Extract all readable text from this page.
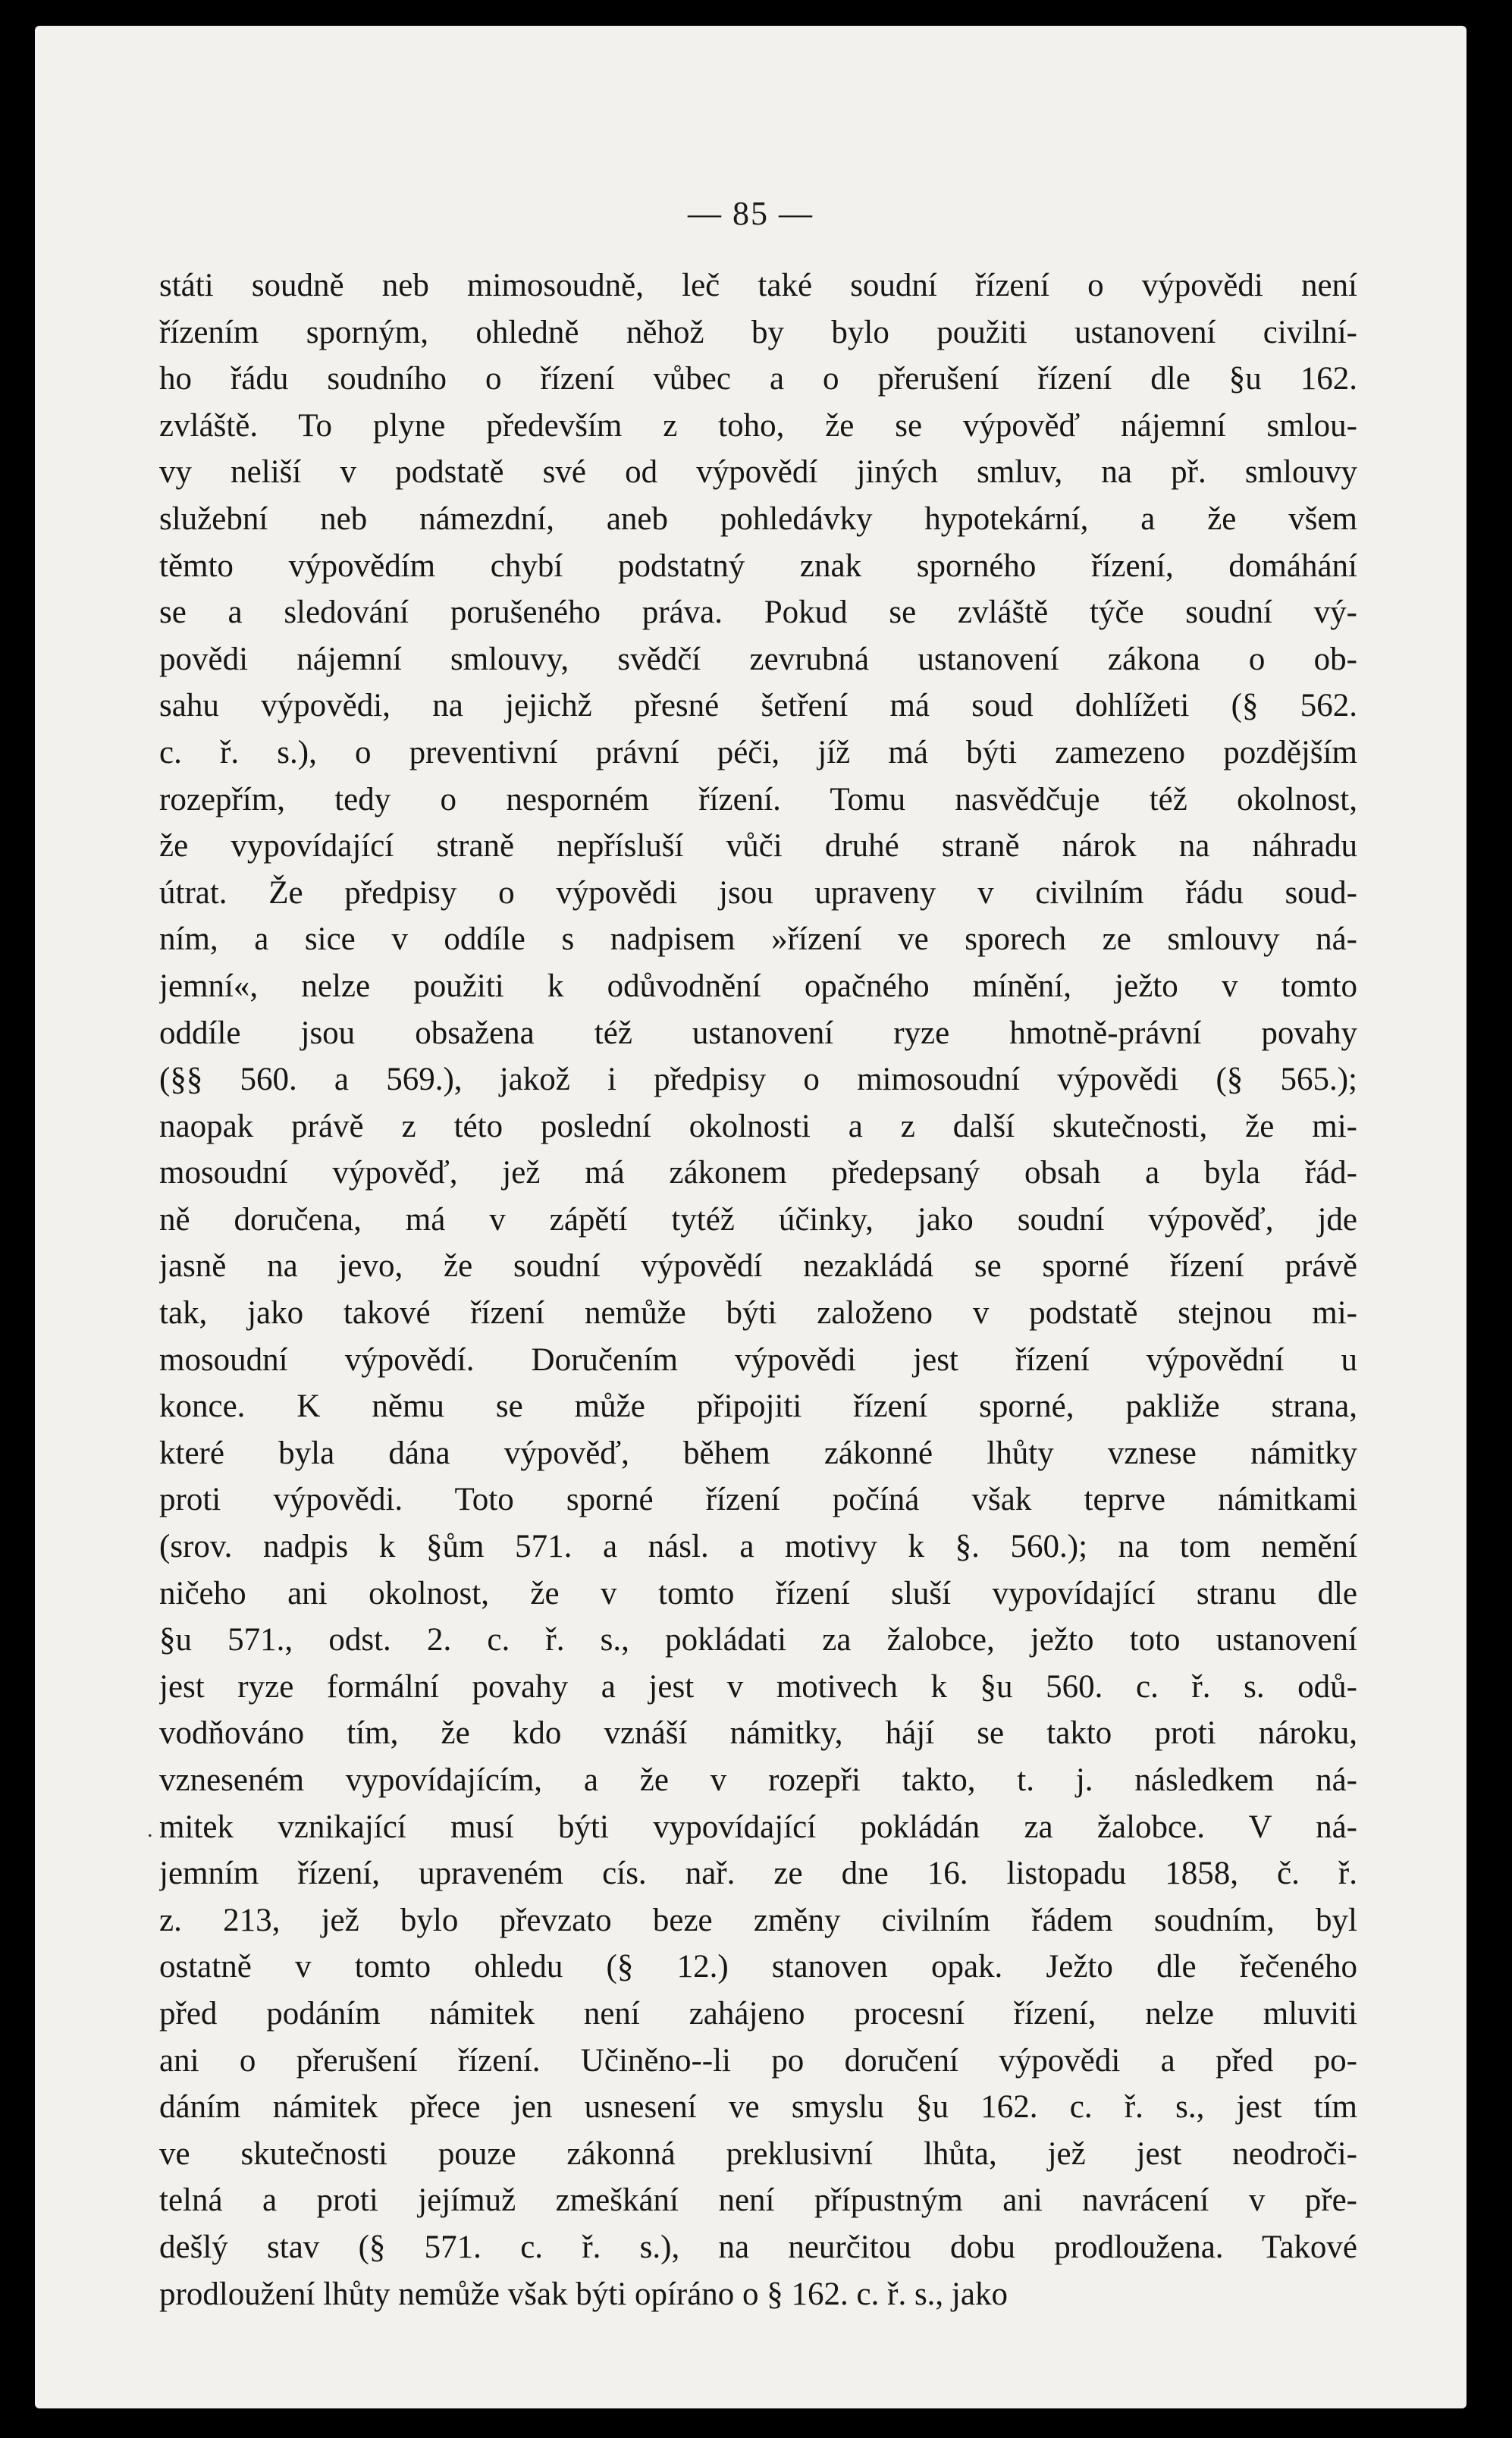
— 85 —
.
státi soudně neb mimosoudně, leč také soudní řízení o výpovědi není
řízením sporným, ohledně něhož by bylo použiti ustanovení civilní-
ho řádu soudního o řízení vůbec a o přerušení řízení dle §u 162.
zvláště. To plyne především z toho, že se výpověď nájemní smlou-
vy neliší v podstatě své od výpovědí jiných smluv, na př. smlouvy
služební neb námezdní, aneb pohledávky hypotekární, a že všem
těmto výpovědím chybí podstatný znak sporného řízení, domáhání
se a sledování porušeného práva. Pokud se zvláště týče soudní vý-
povědi nájemní smlouvy, svědčí zevrubná ustanovení zákona o ob-
sahu výpovědi, na jejichž přesné šetření má soud dohlížeti (§ 562.
c. ř. s.), o preventivní právní péči, jíž má býti zamezeno pozdějším
rozepřím, tedy o nesporném řízení. Tomu nasvědčuje též okolnost,
že vypovídající straně nepřísluší vůči druhé straně nárok na náhradu
útrat. Že předpisy o výpovědi jsou upraveny v civilním řádu soud-
ním, a sice v oddíle s nadpisem »řízení ve sporech ze smlouvy ná-
jemní«, nelze použiti k odůvodnění opačného mínění, ježto v tomto
oddíle jsou obsažena též ustanovení ryze hmotně-právní povahy
(§§ 560. a 569.), jakož i předpisy o mimosoudní výpovědi (§ 565.);
naopak právě z této poslední okolnosti a z další skutečnosti, že mi-
mosoudní výpověď, jež má zákonem předepsaný obsah a byla řád-
ně doručena, má v zápětí tytéž účinky, jako soudní výpověď, jde
jasně na jevo, že soudní výpovědí nezakládá se sporné řízení právě
tak, jako takové řízení nemůže býti založeno v podstatě stejnou mi-
mosoudní výpovědí. Doručením výpovědi jest řízení výpovědní u
konce. K němu se může připojiti řízení sporné, pakliže strana,
které byla dána výpověď, během zákonné lhůty vznese námitky
proti výpovědi. Toto sporné řízení počíná však teprve námitkami
(srov. nadpis k §ům 571. a násl. a motivy k §. 560.); na tom nemění
ničeho ani okolnost, že v tomto řízení sluší vypovídající stranu dle
§u 571., odst. 2. c. ř. s., pokládati za žalobce, ježto toto ustanovení
jest ryze formální povahy a jest v motivech k §u 560. c. ř. s. odů-
vodňováno tím, že kdo vznáší námitky, hájí se takto proti nároku,
vzneseném vypovídajícím, a že v rozepři takto, t. j. následkem ná-
mitek vznikající musí býti vypovídající pokládán za žalobce. V ná-
jemním řízení, upraveném cís. nař. ze dne 16. listopadu 1858, č. ř.
z. 213, jež bylo převzato beze změny civilním řádem soudním, byl
ostatně v tomto ohledu (§ 12.) stanoven opak. Ježto dle řečeného
před podáním námitek není zahájeno procesní řízení, nelze mluviti
ani o přerušení řízení. Učiněno--li po doručení výpovědi a před po-
dáním námitek přece jen usnesení ve smyslu §u 162. c. ř. s., jest tím
ve skutečnosti pouze zákonná preklusivní lhůta, jež jest neodroči-
telná a proti jejímuž zmeškání není přípustným ani navrácení v pře-
dešlý stav (§ 571. c. ř. s.), na neurčitou dobu prodloužena. Takové
prodloužení lhůty nemůže však býti opíráno o § 162. c. ř. s., jako
